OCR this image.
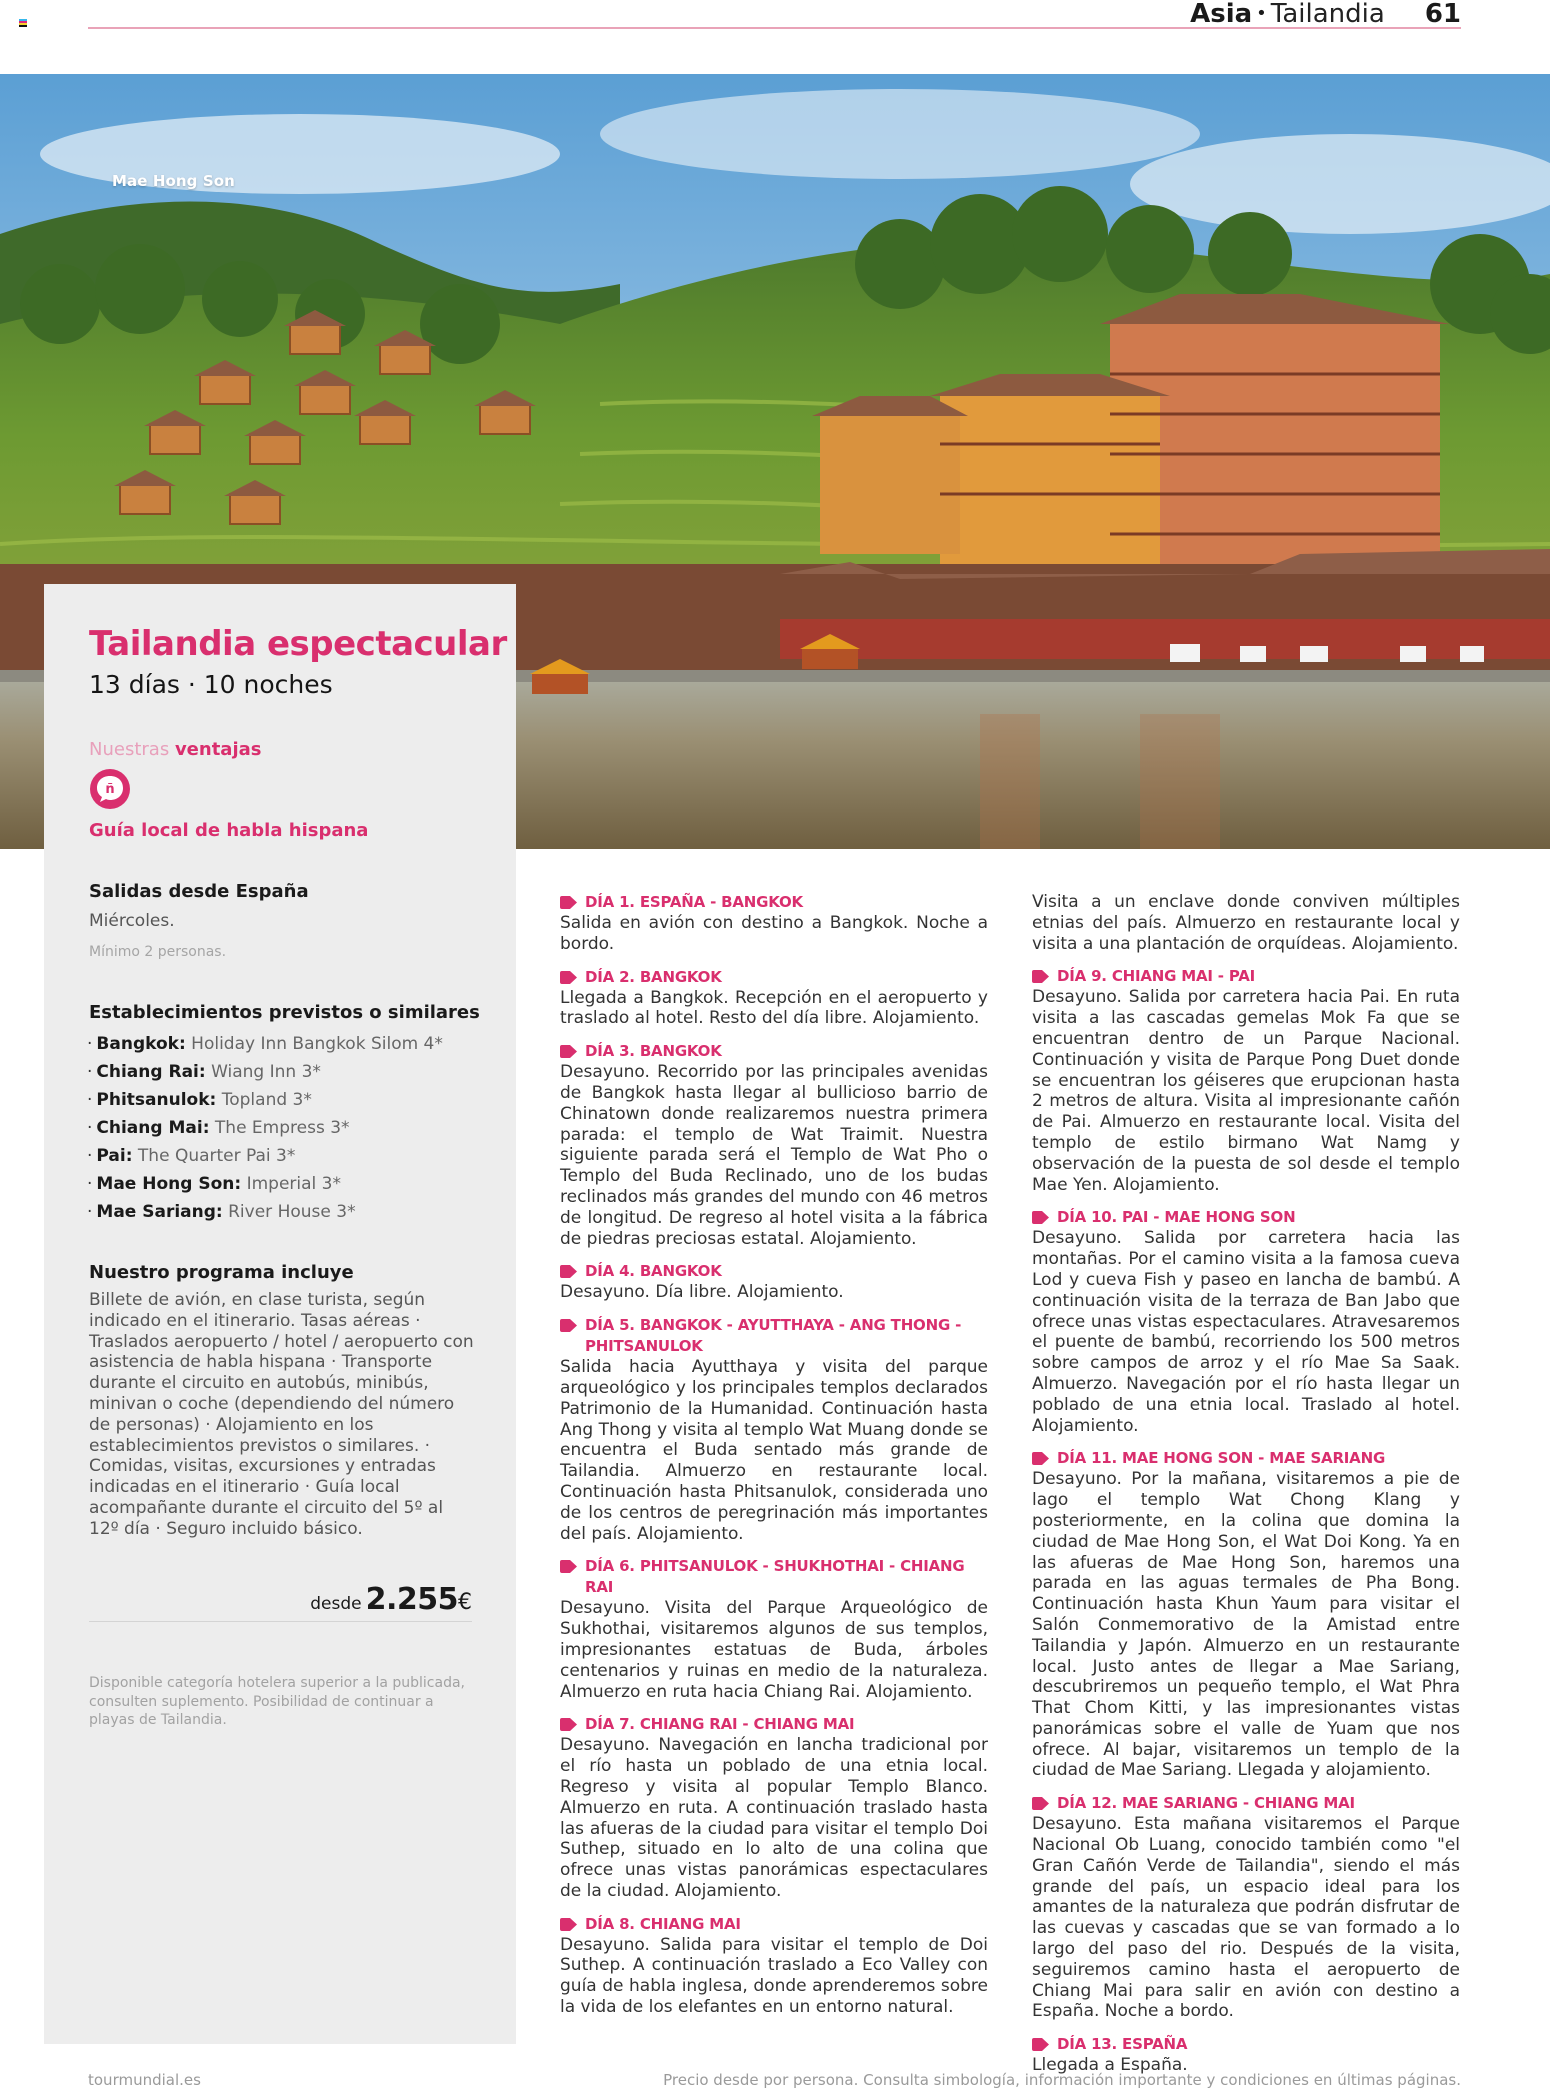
Asia • Tailandia 61
Mae Hong Son
Tailandia espectacular
13 días · 10 noches
Nuestras ventajas
ñ
Guía local de habla hispana
Salidas desde España
Miércoles.
Mínimo 2 personas.
Establecimientos previstos o similares
· Bangkok: Holiday Inn Bangkok Silom 4*
· Chiang Rai: Wiang Inn 3*
· Phitsanulok: Topland 3*
· Chiang Mai: The Empress 3*
· Pai: The Quarter Pai 3*
· Mae Hong Son: Imperial 3*
· Mae Sariang: River House 3*
Nuestro programa incluye
Billete de avión, en clase turista, según indicado en el itinerario. Tasas aéreas · Traslados aeropuerto / hotel / aeropuerto con asistencia de habla hispana · Transporte durante el circuito en autobús, minibús, minivan o coche (dependiendo del número de personas) · Alojamiento en los establecimientos previstos o similares. · Comidas, visitas, excursiones y entradas indicadas en el itinerario · Guía local acompañante durante el circuito del 5º al 12º día · Seguro incluido básico.
desde 2.255€
Disponible categoría hotelera superior a la publicada, consulten suplemento. Posibilidad de continuar a playas de Tailandia.
DÍA 1. ESPAÑA - BANGKOK
Salida en avión con destino a Bangkok. Noche a bordo.
DÍA 2. BANGKOK
Llegada a Bangkok. Recepción en el aeropuerto y traslado al hotel. Resto del día libre. Alojamiento.
DÍA 3. BANGKOK
Desayuno. Recorrido por las principales avenidas de Bangkok hasta llegar al bullicioso barrio de Chinatown donde realizaremos nuestra primera parada: el templo de Wat Traimit. Nuestra siguiente parada será el Templo de Wat Pho o Templo del Buda Reclinado, uno de los budas reclinados más grandes del mundo con 46 metros de longitud. De regreso al hotel visita a la fábrica de piedras preciosas estatal. Alojamiento.
DÍA 4. BANGKOK
Desayuno. Día libre. Alojamiento.
DÍA 5. BANGKOK - AYUTTHAYA - ANG THONG - PHITSANULOK
Salida hacia Ayutthaya y visita del parque arqueológico y los principales templos declarados Patrimonio de la Humanidad. Continuación hasta Ang Thong y visita al templo Wat Muang donde se encuentra el Buda sentado más grande de Tailandia. Almuerzo en restaurante local. Continuación hasta Phitsanulok, considerada uno de los centros de peregrinación más importantes del país. Alojamiento.
DÍA 6. PHITSANULOK - SHUKHOTHAI - CHIANG RAI
Desayuno. Visita del Parque Arqueológico de Sukhothai, visitaremos algunos de sus templos, impresionantes estatuas de Buda, árboles centenarios y ruinas en medio de la naturaleza. Almuerzo en ruta hacia Chiang Rai. Alojamiento.
DÍA 7. CHIANG RAI - CHIANG MAI
Desayuno. Navegación en lancha tradicional por el río hasta un poblado de una etnia local. Regreso y visita al popular Templo Blanco. Almuerzo en ruta. A continuación traslado hasta las afueras de la ciudad para visitar el templo Doi Suthep, situado en lo alto de una colina que ofrece unas vistas panorámicas espectaculares de la ciudad. Alojamiento.
DÍA 8. CHIANG MAI
Desayuno. Salida para visitar el templo de Doi Suthep. A continuación traslado a Eco Valley con guía de habla inglesa, donde aprenderemos sobre la vida de los elefantes en un entorno natural.
Visita a un enclave donde conviven múltiples etnias del país. Almuerzo en restaurante local y visita a una plantación de orquídeas. Alojamiento.
DÍA 9. CHIANG MAI - PAI
Desayuno. Salida por carretera hacia Pai. En ruta visita a las cascadas gemelas Mok Fa que se encuentran dentro de un Parque Nacional. Continuación y visita de Parque Pong Duet donde se encuentran los géiseres que erupcionan hasta 2 metros de altura. Visita al impresionante cañón de Pai. Almuerzo en restaurante local. Visita del templo de estilo birmano Wat Namg y observación de la puesta de sol desde el templo Mae Yen. Alojamiento.
DÍA 10. PAI - MAE HONG SON
Desayuno. Salida por carretera hacia las montañas. Por el camino visita a la famosa cueva Lod y cueva Fish y paseo en lancha de bambú. A continuación visita de la terraza de Ban Jabo que ofrece unas vistas espectaculares. Atravesaremos el puente de bambú, recorriendo los 500 metros sobre campos de arroz y el río Mae Sa Saak. Almuerzo. Navegación por el río hasta llegar un poblado de una etnia local. Traslado al hotel. Alojamiento.
DÍA 11. MAE HONG SON - MAE SARIANG
Desayuno. Por la mañana, visitaremos a pie de lago el templo Wat Chong Klang y posteriormente, en la colina que domina la ciudad de Mae Hong Son, el Wat Doi Kong. Ya en las afueras de Mae Hong Son, haremos una parada en las aguas termales de Pha Bong. Continuación hasta Khun Yaum para visitar el Salón Conmemorativo de la Amistad entre Tailandia y Japón. Almuerzo en un restaurante local. Justo antes de llegar a Mae Sariang, descubriremos un pequeño templo, el Wat Phra That Chom Kitti, y las impresionantes vistas panorámicas sobre el valle de Yuam que nos ofrece. Al bajar, visitaremos un templo de la ciudad de Mae Sariang. Llegada y alojamiento.
DÍA 12. MAE SARIANG - CHIANG MAI
Desayuno. Esta mañana visitaremos el Parque Nacional Ob Luang, conocido también como "el Gran Cañón Verde de Tailandia", siendo el más grande del país, un espacio ideal para los amantes de la naturaleza que podrán disfrutar de las cuevas y cascadas que se van formado a lo largo del paso del rio. Después de la visita, seguiremos camino hasta el aeropuerto de Chiang Mai para salir en avión con destino a España. Noche a bordo.
DÍA 13. ESPAÑA
Llegada a España.
tourmundial.es	Precio desde por persona. Consulta simbología, información importante y condiciones en últimas páginas.
